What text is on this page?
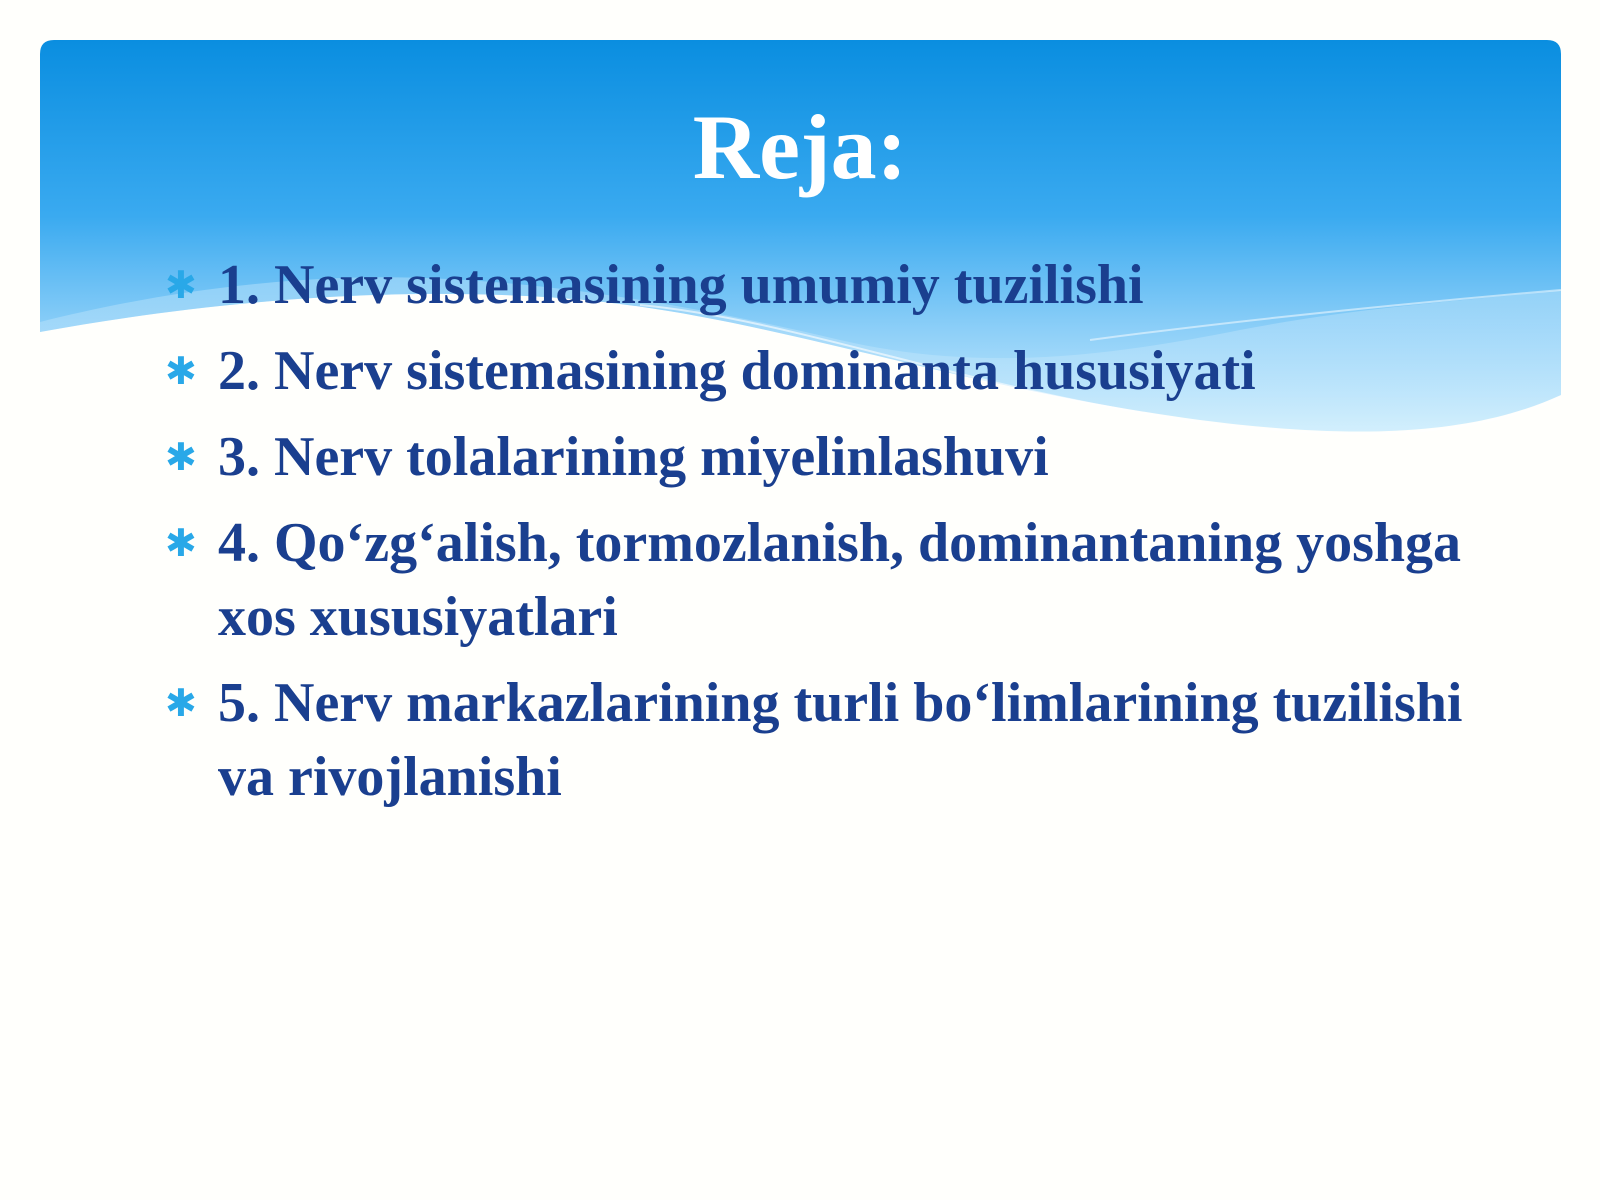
Reja:
✱ 1. Nerv sistemasining umumiy tuzilishi
✱ 2. Nerv sistemasining dominanta hususiyati
✱ 3. Nerv tolalarining miyelinlashuvi
✱ 4. Qo‘zg‘alish, tormozlanish, dominantaning yoshga xos xususiyatlari
✱ 5. Nerv markazlarining turli bo‘limlarining tuzilishi va rivojlanishi
